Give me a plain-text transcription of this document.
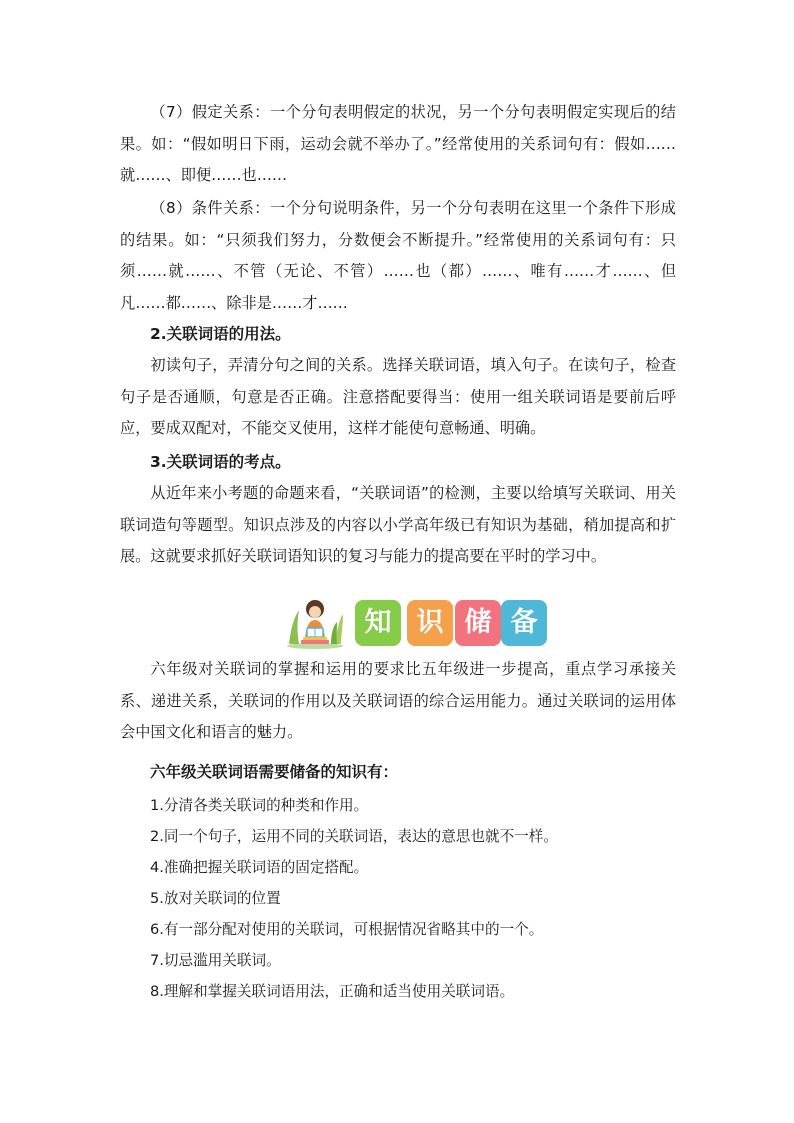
（7）假定关系：一个分句表明假定的状况，另一个分句表明假定实现后的结果。如：“假如明日下雨，运动会就不举办了。”经常使用的关系词句有：假如……就……、即便……也……
（8）条件关系：一个分句说明条件，另一个分句表明在这里一个条件下形成的结果。如：“只须我们努力，分数便会不断提升。”经常使用的关系词句有：只须……就……、不管（无论、不管）……也（都）……、唯有……才……、但凡……都……、除非是……才……
2.关联词语的用法。
初读句子，弄清分句之间的关系。选择关联词语，填入句子。在读句子，检查句子是否通顺，句意是否正确。注意搭配要得当：使用一组关联词语是要前后呼应，要成双配对，不能交叉使用，这样才能使句意畅通、明确。
3.关联词语的考点。
从近年来小考题的命题来看，“关联词语”的检测，主要以给填写关联词、用关联词造句等题型。知识点涉及的内容以小学高年级已有知识为基础，稍加提高和扩展。这就要求抓好关联词语知识的复习与能力的提高要在平时的学习中。
知 识 储 备
六年级对关联词的掌握和运用的要求比五年级进一步提高，重点学习承接关系、递进关系，关联词的作用以及关联词语的综合运用能力。通过关联词的运用体会中国文化和语言的魅力。
六年级关联词语需要储备的知识有：
1.分清各类关联词的种类和作用。
2.同一个句子，运用不同的关联词语，表达的意思也就不一样。
4.准确把握关联词语的固定搭配。
5.放对关联词的位置
6.有一部分配对使用的关联词，可根据情况省略其中的一个。
7.切忌滥用关联词。
8.理解和掌握关联词语用法，正确和适当使用关联词语。
